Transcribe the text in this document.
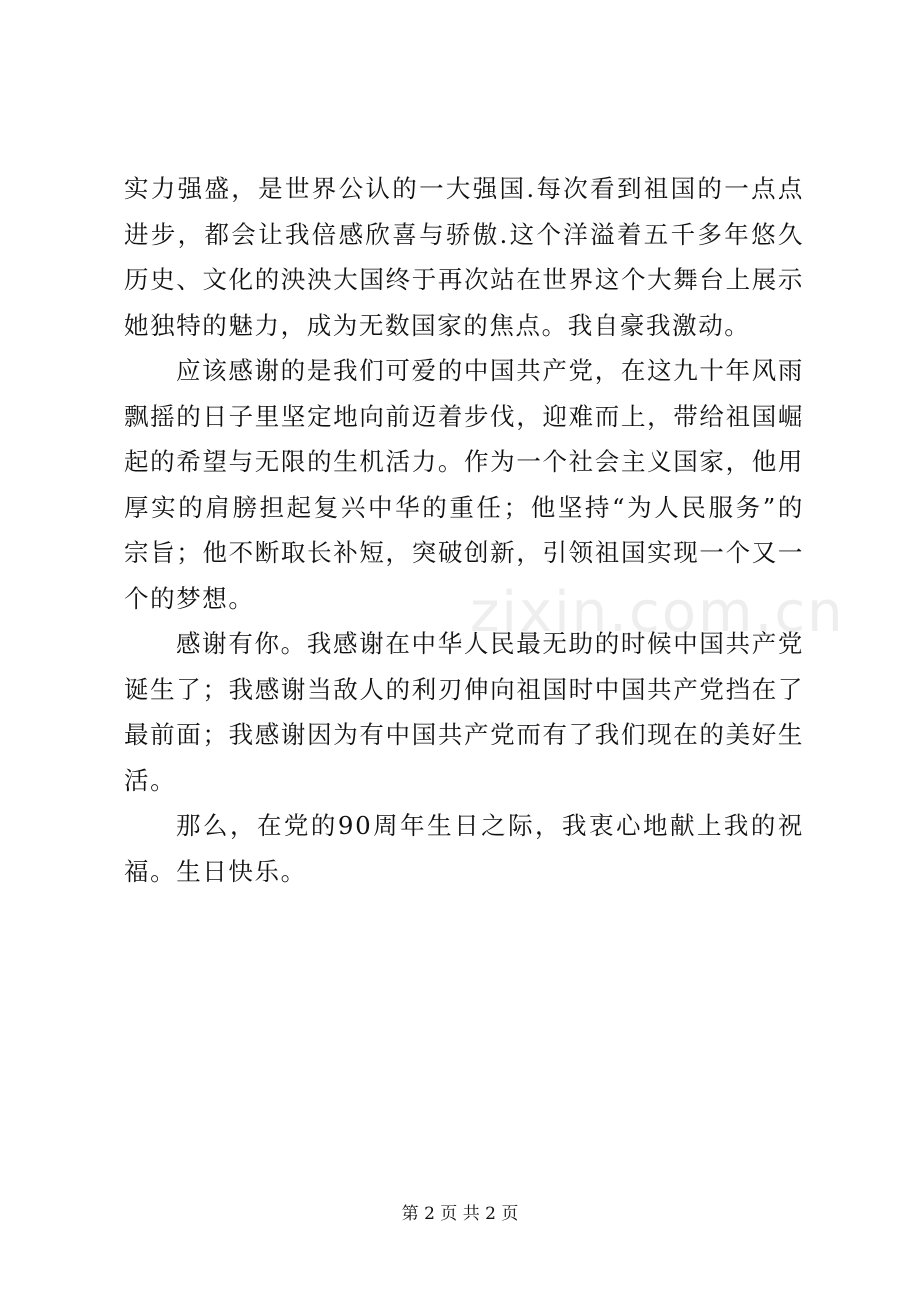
实力强盛，是世界公认的一大强国.每次看到祖国的一点点进步，都会让我倍感欣喜与骄傲.这个洋溢着五千多年悠久历史、文化的泱泱大国终于再次站在世界这个大舞台上展示她独特的魅力，成为无数国家的焦点。我自豪我激动。

应该感谢的是我们可爱的中国共产党，在这九十年风雨飘摇的日子里坚定地向前迈着步伐，迎难而上，带给祖国崛起的希望与无限的生机活力。作为一个社会主义国家，他用厚实的肩膀担起复兴中华的重任；他坚持“为人民服务”的宗旨；他不断取长补短，突破创新，引领祖国实现一个又一个的梦想。

感谢有你。我感谢在中华人民最无助的时候中国共产党诞生了；我感谢当敌人的利刃伸向祖国时中国共产党挡在了最前面；我感谢因为有中国共产党而有了我们现在的美好生活。

那么，在党的90周年生日之际，我衷心地献上我的祝福。生日快乐。

zixin.com.cn
第 2 页 共 2 页
